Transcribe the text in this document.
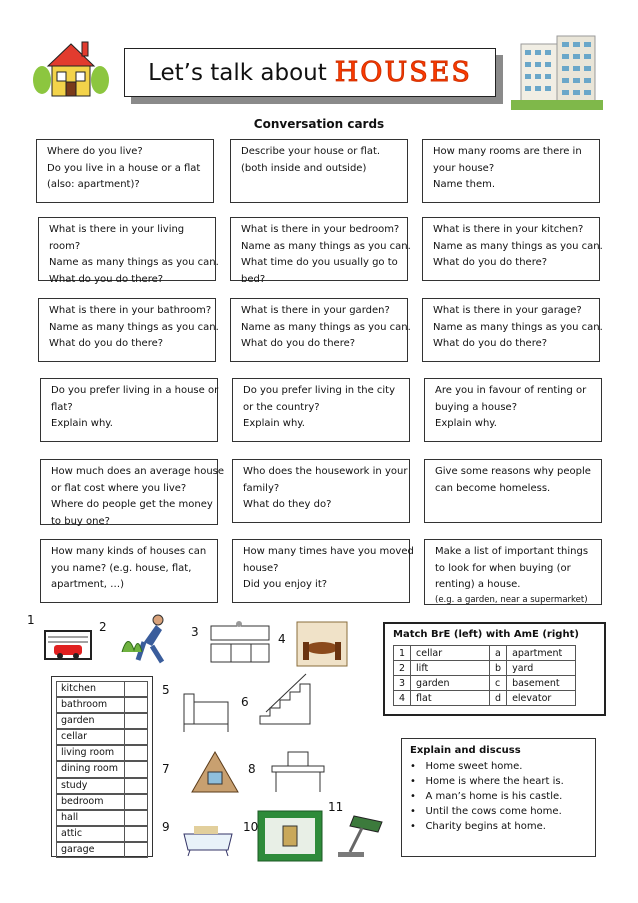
Let’s talk about HOUSES
Conversation cards
Where do you live?
Do you live in a house or a flat
(also: apartment)?
Describe your house or flat.
(both inside and outside)
How many rooms are there in
your house?
Name them.
What is there in your living
room?
Name as many things as you can.
What do you do there?
What is there in your bedroom?
Name as many things as you can.
What time do you usually go to
bed?
What is there in your kitchen?
Name as many things as you can.
What do you do there?
What is there in your bathroom?
Name as many things as you can.
What do you do there?
What is there in your garden?
Name as many things as you can.
What do you do there?
What is there in your garage?
Name as many things as you can.
What do you do there?
Do you prefer living in a house or
flat?
Explain why.
Do you prefer living in the city
or the country?
Explain why.
Are you in favour of renting or
buying a house?
Explain why.
How much does an average house
or flat cost where you live?
Where do people get the money
to buy one?
Who does the housework in your
family?
What do they do?
Give some reasons why people
can become homeless.
How many kinds of houses can
you name? (e.g. house, flat,
apartment, …)
How many times have you moved
house?
Did you enjoy it?
Make a list of important things
to look for when buying (or
renting) a house.
(e.g. a garden, near a supermarket)
1	2	3	4
5
6
7	8
9	10
11
kitchen
bathroom
garden
cellar
living room
dining room
study
bedroom
hall
attic
garage
Match BrE (left) with AmE (right)
1	cellar	a	apartment
2	lift	b	yard
3	garden	c	basement
4	flat	d	elevator
Explain and discuss
•   Home sweet home.
•   Home is where the heart is.
•   A man’s home is his castle.
•   Until the cows come home.
•   Charity begins at home.
